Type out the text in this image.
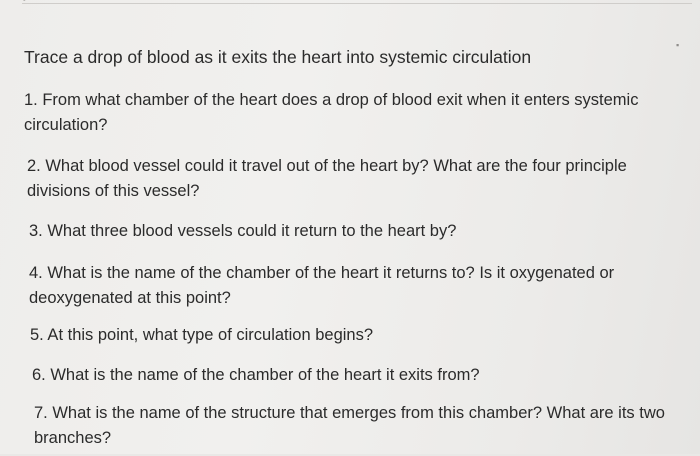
˘
▪
Trace a drop of blood as it exits the heart into systemic circulation
1. From what chamber of the heart does a drop of blood exit when it enters systemic
circulation?
2. What blood vessel could it travel out of the heart by? What are the four principle
divisions of this vessel?
3. What three blood vessels could it return to the heart by?
4. What is the name of the chamber of the heart it returns to? Is it oxygenated or
deoxygenated at this point?
5. At this point, what type of circulation begins?
6. What is the name of the chamber of the heart it exits from?
7. What is the name of the structure that emerges from this chamber? What are its two
branches?
